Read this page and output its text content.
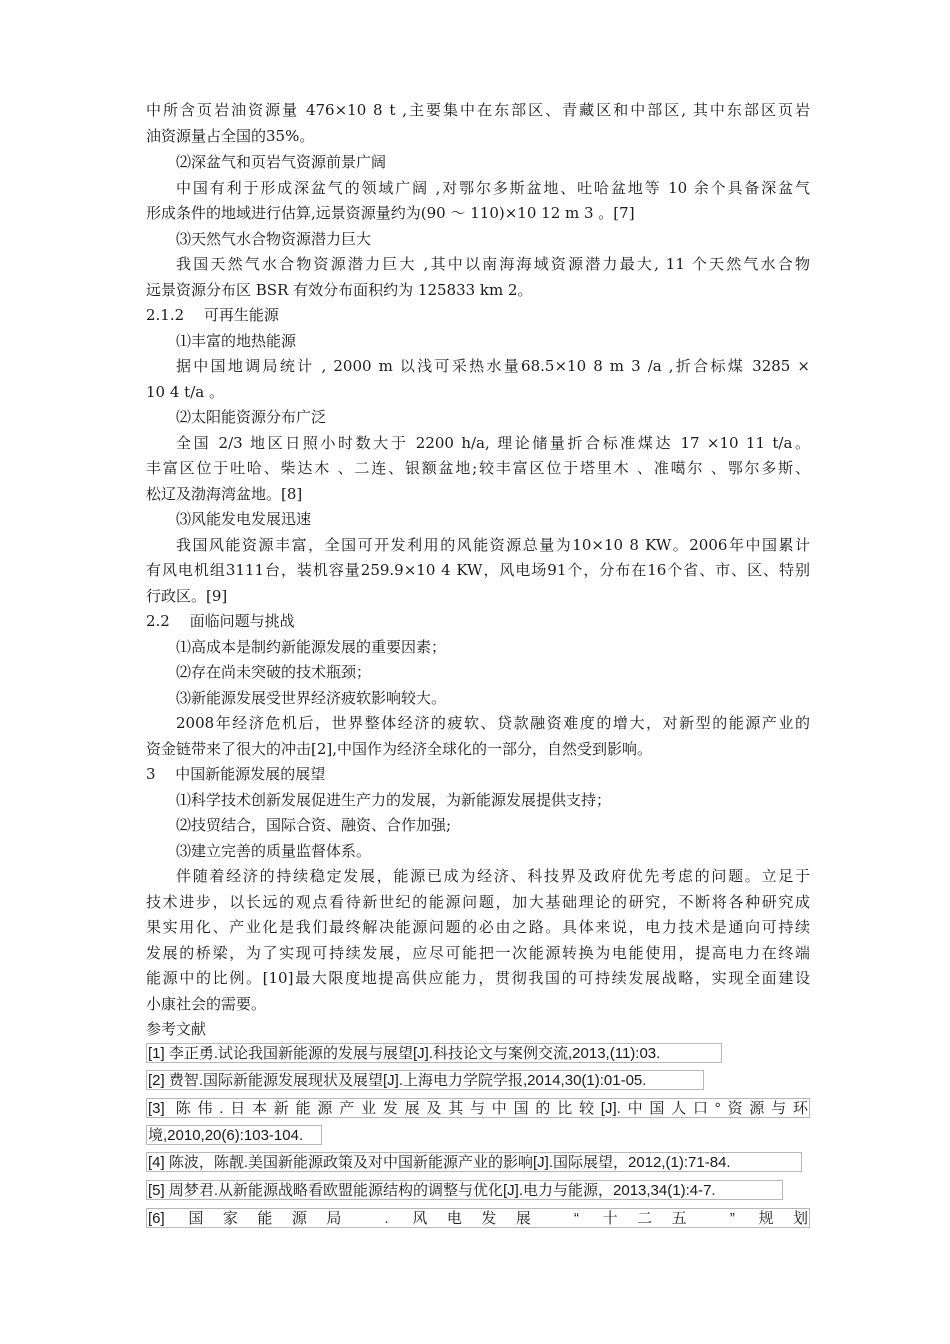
中所含页岩油资源量 476×10 8 t ,主要集中在东部区、青藏区和中部区, 其中东部区页岩
油资源量占全国的35%。
⑵深盆气和页岩气资源前景广阔
中国有利于形成深盆气的领域广阔 ,对鄂尔多斯盆地、吐哈盆地等 10 余个具备深盆气
形成条件的地域进行估算,远景资源量约为(90 ～ 110)×10 12 m 3 。[7]
⑶天然气水合物资源潜力巨大
我国天然气水合物资源潜力巨大 ,其中以南海海域资源潜力最大, 11 个天然气水合物
远景资源分布区 BSR 有效分布面积约为 125833 km 2。
2.1.2　 可再生能源
⑴丰富的地热能源
据中国地调局统计 , 2000 m 以浅可采热水量68.5×10 8 m 3 /a ,折合标煤 3285 ×
10 4 t/a 。
⑵太阳能资源分布广泛
全国 2/3 地区日照小时数大于 2200 h/a, 理论储量折合标准煤达 17 ×10 11 t/a。
丰富区位于吐哈、柴达木 、二连、银额盆地;较丰富区位于塔里木 、准噶尔 、鄂尔多斯、
松辽及渤海湾盆地。[8]
⑶风能发电发展迅速
我国风能资源丰富，全国可开发利用的风能资源总量为10×10 8 KW。2006年中国累计
有风电机组3111台，装机容量259.9×10 4 KW，风电场91个，分布在16个省、市、区、特别
行政区。[9]
2.2　 面临问题与挑战
⑴高成本是制约新能源发展的重要因素；
⑵存在尚未突破的技术瓶颈；
⑶新能源发展受世界经济疲软影响较大。
2008年经济危机后，世界整体经济的疲软、贷款融资难度的增大，对新型的能源产业的
资金链带来了很大的冲击[2],中国作为经济全球化的一部分，自然受到影响。
3　 中国新能源发展的展望
⑴科学技术创新发展促进生产力的发展，为新能源发展提供支持；
⑵技贸结合，国际合资、融资、合作加强;
⑶建立完善的质量监督体系。
伴随着经济的持续稳定发展，能源已成为经济、科技界及政府优先考虑的问题。立足于
技术进步，以长远的观点看待新世纪的能源问题，加大基础理论的研究，不断将各种研究成
果实用化、产业化是我们最终解决能源问题的必由之路。具体来说，电力技术是通向可持续
发展的桥梁，为了实现可持续发展，应尽可能把一次能源转换为电能使用，提高电力在终端
能源中的比例。[10]最大限度地提高供应能力，贯彻我国的可持续发展战略，实现全面建设
小康社会的需要。
参考文献
[1] 李正勇.试论我国新能源的发展与展望[J].科技论文与案例交流,2013,(11):03.
[2] 费智.国际新能源发展现状及展望[J].上海电力学院学报,2014,30(1):01-05.
[3] 陈伟.日本新能源产业发展及其与中国的比较[J].中国人口°资源与环
境,2010,20(6):103-104.
[4] 陈波，陈靓.美国新能源政策及对中国新能源产业的影响[J].国际展望，2012,(1):71-84.
[5] 周梦君.从新能源战略看欧盟能源结构的调整与优化[J].电力与能源，2013,34(1):4-7.
[6] 国家能源局 . 风电发展 “ 十二五 ” 规划
